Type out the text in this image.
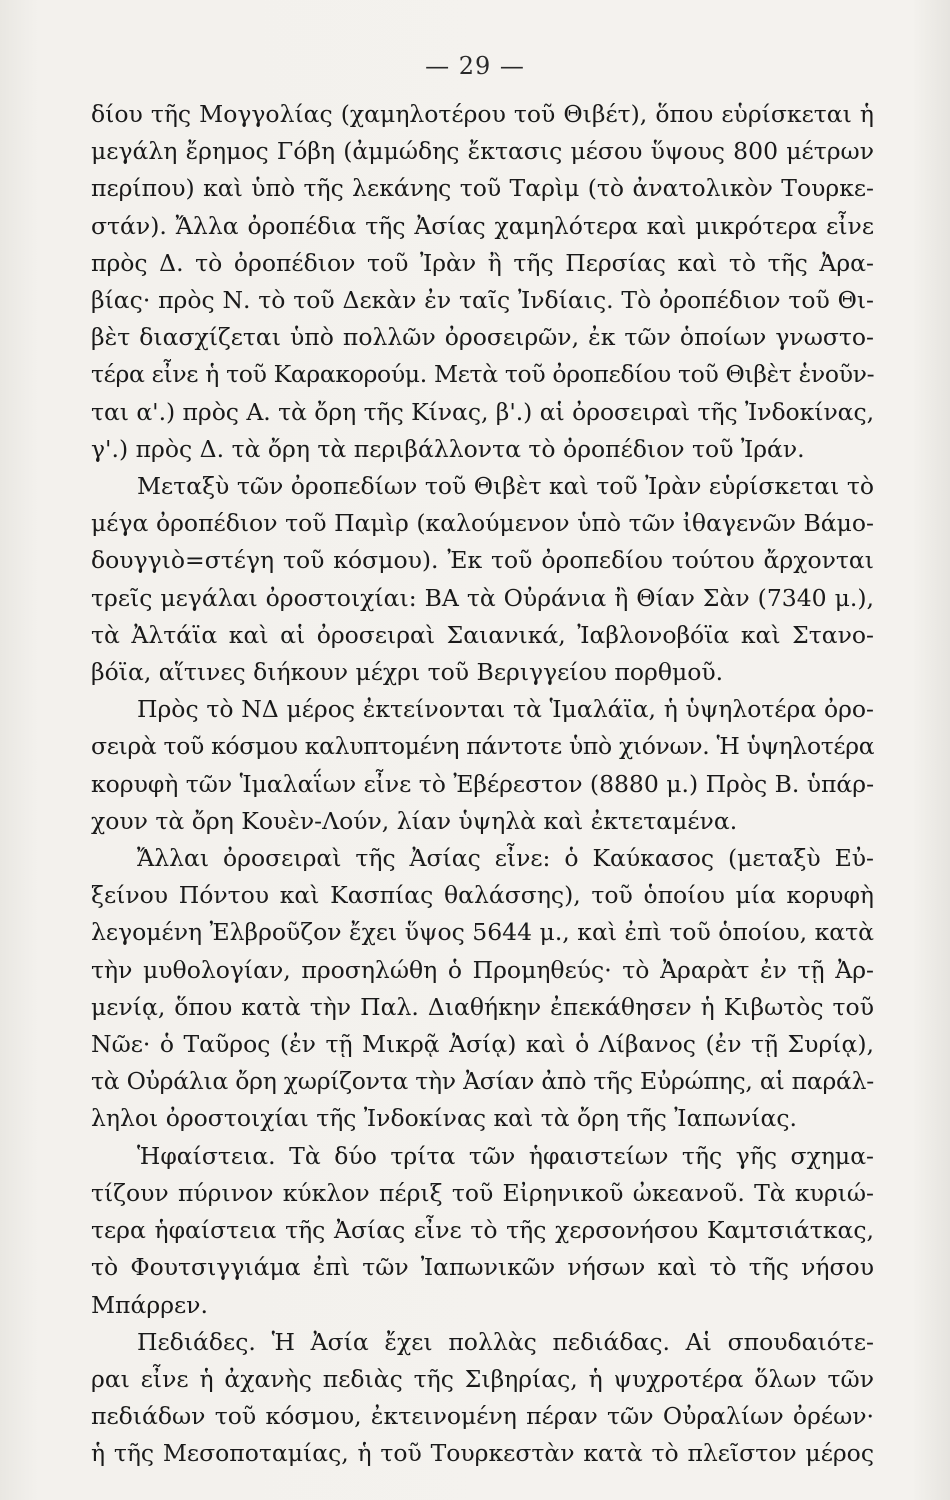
— 29 —
δίου τῆς Μογγολίας (χαμηλοτέρου τοῦ Θιβέτ), ὅπου εὑρίσκεται ἡ
μεγάλη ἔρημος Γόβη (ἀμμώδης ἔκτασις μέσου ὕψους 800 μέτρων
περίπου) καὶ ὑπὸ τῆς λεκάνης τοῦ Ταρὶμ (τὸ ἀνατολικὸν Τουρκε-
στάν). Ἄλλα ὀροπέδια τῆς Ἀσίας χαμηλότερα καὶ μικρότερα εἶνε
πρὸς Δ. τὸ ὀροπέδιον τοῦ Ἰρὰν ἢ τῆς Περσίας καὶ τὸ τῆς Ἀρα-
βίας· πρὸς Ν. τὸ τοῦ Δεκὰν ἐν ταῖς Ἰνδίαις. Τὸ ὀροπέδιον τοῦ Θι-
βὲτ διασχίζεται ὑπὸ πολλῶν ὀροσειρῶν, ἐκ τῶν ὁποίων γνωστο-
τέρα εἶνε ἡ τοῦ Καρακορούμ. Μετὰ τοῦ ὀροπεδίου τοῦ Θιβὲτ ἑνοῦν-
ται α'.) πρὸς Α. τὰ ὄρη τῆς Κίνας, β'.) αἱ ὀροσειραὶ τῆς Ἰνδοκίνας,
γ'.) πρὸς Δ. τὰ ὄρη τὰ περιβάλλοντα τὸ ὀροπέδιον τοῦ Ἰράν.
Μεταξὺ τῶν ὀροπεδίων τοῦ Θιβὲτ καὶ τοῦ Ἰρὰν εὑρίσκεται τὸ
μέγα ὀροπέδιον τοῦ Παμὶρ (καλούμενον ὑπὸ τῶν ἰθαγενῶν Βάμο-
δουγγιὸ=στέγη τοῦ κόσμου). Ἐκ τοῦ ὀροπεδίου τούτου ἄρχονται
τρεῖς μεγάλαι ὀροστοιχίαι: ΒΑ τὰ Οὐράνια ἢ Θίαν Σὰν (7340 μ.),
τὰ Ἀλτάϊα καὶ αἱ ὀροσειραὶ Σαιανικά, Ἰαβλονοβόϊα καὶ Στανο-
βόϊα, αἵτινες διήκουν μέχρι τοῦ Βεριγγείου πορθμοῦ.
Πρὸς τὸ ΝΔ μέρος ἐκτείνονται τὰ Ἱμαλάϊα, ἡ ὑψηλοτέρα ὀρο-
σειρὰ τοῦ κόσμου καλυπτομένη πάντοτε ὑπὸ χιόνων. Ἡ ὑψηλοτέρα
κορυφὴ τῶν Ἱμαλαΐων εἶνε τὸ Ἐβέρεστον (8880 μ.) Πρὸς Β. ὑπάρ-
χουν τὰ ὄρη Κουὲν-Λούν, λίαν ὑψηλὰ καὶ ἐκτεταμένα.
Ἄλλαι ὀροσειραὶ τῆς Ἀσίας εἶνε: ὁ Καύκασος (μεταξὺ Εὐ-
ξείνου Πόντου καὶ Κασπίας θαλάσσης), τοῦ ὁποίου μία κορυφὴ
λεγομένη Ἐλβροῦζον ἔχει ὕψος 5644 μ., καὶ ἐπὶ τοῦ ὁποίου, κατὰ
τὴν μυθολογίαν, προσηλώθη ὁ Προμηθεύς· τὸ Ἀραρὰτ ἐν τῇ Ἀρ-
μενίᾳ, ὅπου κατὰ τὴν Παλ. Διαθήκην ἐπεκάθησεν ἡ Κιβωτὸς τοῦ
Νῶε· ὁ Ταῦρος (ἐν τῇ Μικρᾷ Ἀσίᾳ) καὶ ὁ Λίβανος (ἐν τῇ Συρίᾳ),
τὰ Οὐράλια ὄρη χωρίζοντα τὴν Ἀσίαν ἀπὸ τῆς Εὐρώπης, αἱ παράλ-
ληλοι ὀροστοιχίαι τῆς Ἰνδοκίνας καὶ τὰ ὄρη τῆς Ἰαπωνίας.
Ἡφαίστεια. Τὰ δύο τρίτα τῶν ἡφαιστείων τῆς γῆς σχημα-
τίζουν πύρινον κύκλον πέριξ τοῦ Εἰρηνικοῦ ὠκεανοῦ. Τὰ κυριώ-
τερα ἡφαίστεια τῆς Ἀσίας εἶνε τὸ τῆς χερσονήσου Καμτσιάτκας,
τὸ Φουτσιγγιάμα ἐπὶ τῶν Ἰαπωνικῶν νήσων καὶ τὸ τῆς νήσου
Μπάρρεν.
Πεδιάδες. Ἡ Ἀσία ἔχει πολλὰς πεδιάδας. Αἱ σπουδαιότε-
ραι εἶνε ἡ ἀχανὴς πεδιὰς τῆς Σιβηρίας, ἡ ψυχροτέρα ὅλων τῶν
πεδιάδων τοῦ κόσμου, ἐκτεινομένη πέραν τῶν Οὐραλίων ὀρέων·
ἡ τῆς Μεσοποταμίας, ἡ τοῦ Τουρκεστὰν κατὰ τὸ πλεῖστον μέρος
